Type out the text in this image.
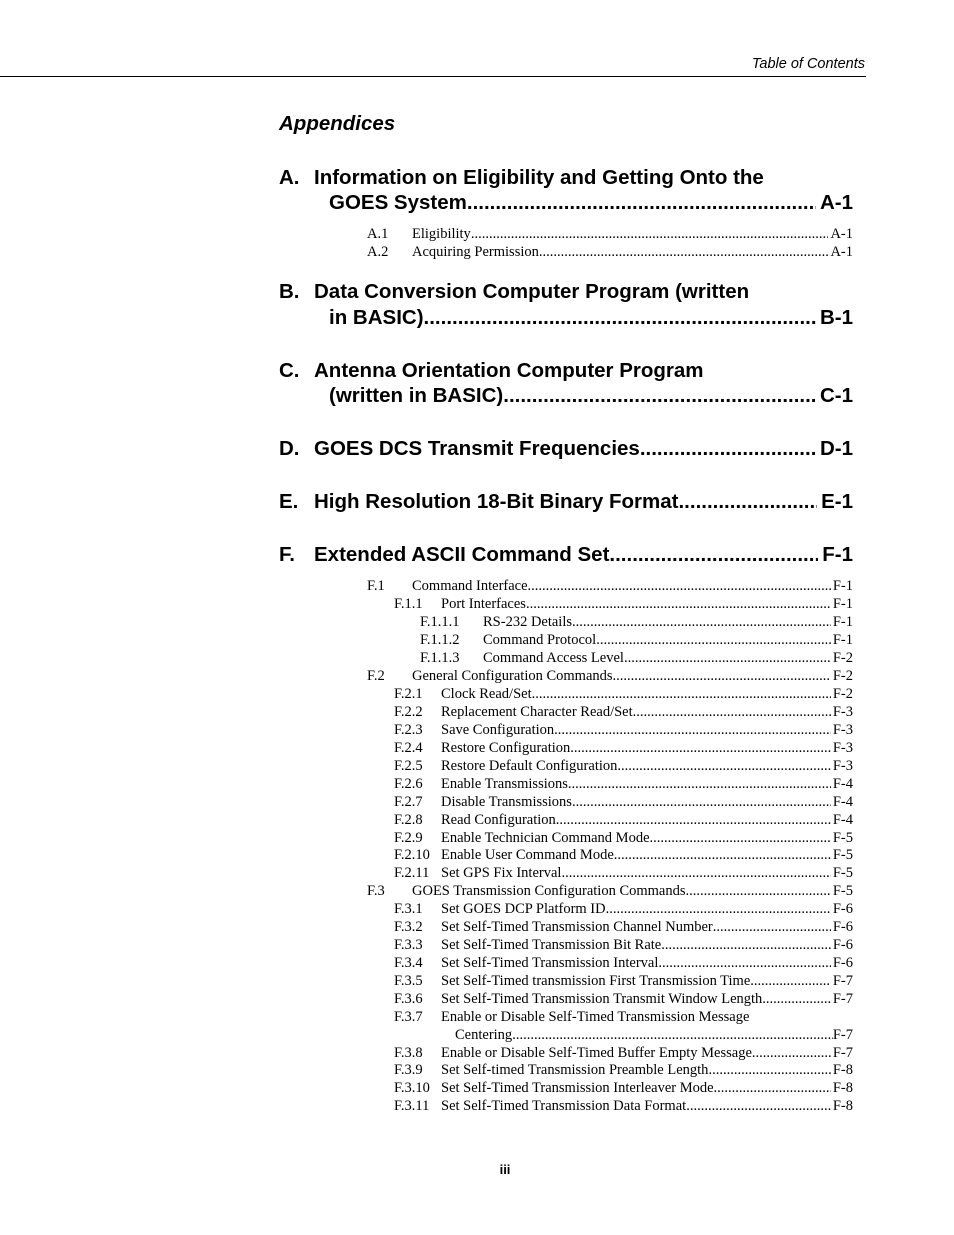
Table of Contents
Appendices
A. Information on Eligibility and Getting Onto the
GOES System .....	A-1
A.1	Eligibility .....	A-1
A.2	Acquiring Permission .....	A-1
B. Data Conversion Computer Program (written
in BASIC) .....	B-1
C. Antenna Orientation Computer Program
(written in BASIC) .....	C-1
D. GOES DCS Transmit Frequencies .....	D-1
E. High Resolution 18-Bit Binary Format .....	E-1
F. Extended ASCII Command Set .....	F-1
F.1	Command Interface .....	F-1
F.1.1	Port Interfaces .....	F-1
F.1.1.1	RS-232 Details .....	F-1
F.1.1.2	Command Protocol .....	F-1
F.1.1.3	Command Access Level .....	F-2
F.2	General Configuration Commands .....	F-2
F.2.1	Clock Read/Set .....	F-2
F.2.2	Replacement Character Read/Set .....	F-3
F.2.3	Save Configuration .....	F-3
F.2.4	Restore Configuration .....	F-3
F.2.5	Restore Default Configuration .....	F-3
F.2.6	Enable Transmissions .....	F-4
F.2.7	Disable Transmissions .....	F-4
F.2.8	Read Configuration .....	F-4
F.2.9	Enable Technician Command Mode .....	F-5
F.2.10 Enable User Command Mode .....	F-5
F.2.11 Set GPS Fix Interval .....	F-5
F.3	GOES Transmission Configuration Commands .....	F-5
F.3.1	Set GOES DCP Platform ID .....	F-6
F.3.2	Set Self-Timed Transmission Channel Number .....	F-6
F.3.3	Set Self-Timed Transmission Bit Rate .....	F-6
F.3.4	Set Self-Timed Transmission Interval. .....	F-6
F.3.5	Set Self-Timed transmission First Transmission Time .....	F-7
F.3.6	Set Self-Timed Transmission Transmit Window Length .....	F-7
F.3.7 Enable or Disable Self-Timed Transmission Message
Centering .....	F-7
F.3.8	Enable or Disable Self-Timed Buffer Empty Message .....	F-7
F.3.9	Set Self-timed Transmission Preamble Length .....	F-8
F.3.10 Set Self-Timed Transmission Interleaver Mode .....	F-8
F.3.11 Set Self-Timed Transmission Data Format .....	F-8
iii
